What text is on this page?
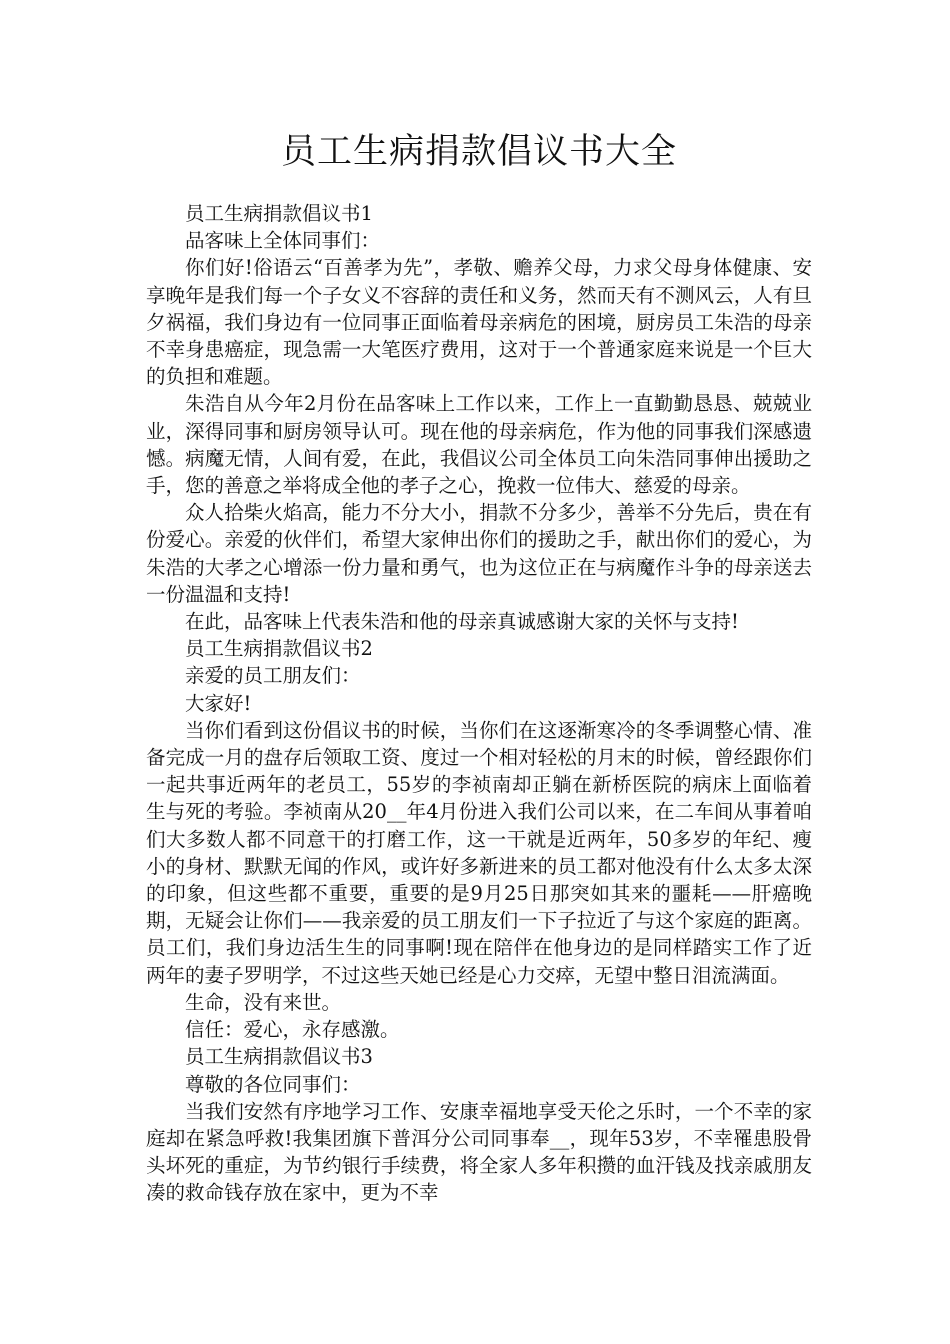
员工生病捐款倡议书大全

员工生病捐款倡议书1

品客味上全体同事们：

你们好!俗语云“百善孝为先”，孝敬、赡养父母，力求父母身体健康、安享晚年是我们每一个子女义不容辞的责任和义务，然而天有不测风云，人有旦夕祸福，我们身边有一位同事正面临着母亲病危的困境，厨房员工朱浩的母亲不幸身患癌症，现急需一大笔医疗费用，这对于一个普通家庭来说是一个巨大的负担和难题。

朱浩自从今年2月份在品客味上工作以来，工作上一直勤勤恳恳、兢兢业业，深得同事和厨房领导认可。现在他的母亲病危，作为他的同事我们深感遗憾。病魔无情，人间有爱，在此，我倡议公司全体员工向朱浩同事伸出援助之手，您的善意之举将成全他的孝子之心，挽救一位伟大、慈爱的母亲。

众人拾柴火焰高，能力不分大小，捐款不分多少，善举不分先后，贵在有份爱心。亲爱的伙伴们，希望大家伸出你们的援助之手，献出你们的爱心，为朱浩的大孝之心增添一份力量和勇气，也为这位正在与病魔作斗争的母亲送去一份温温和支持!

在此，品客味上代表朱浩和他的母亲真诚感谢大家的关怀与支持!

员工生病捐款倡议书2

亲爱的员工朋友们：

大家好!

当你们看到这份倡议书的时候，当你们在这逐渐寒冷的冬季调整心情、准备完成一月的盘存后领取工资、度过一个相对轻松的月末的时候，曾经跟你们一起共事近两年的老员工，55岁的李祯南却正躺在新桥医院的病床上面临着生与死的考验。李祯南从20__年4月份进入我们公司以来，在二车间从事着咱们大多数人都不同意干的打磨工作，这一干就是近两年，50多岁的年纪、瘦小的身材、默默无闻的作风，或许好多新进来的员工都对他没有什么太多太深的印象，但这些都不重要，重要的是9月25日那突如其来的噩耗——肝癌晚期，无疑会让你们——我亲爱的员工朋友们一下子拉近了与这个家庭的距离。员工们，我们身边活生生的同事啊!现在陪伴在他身边的是同样踏实工作了近两年的妻子罗明学，不过这些天她已经是心力交瘁，无望中整日泪流满面。

生命，没有来世。

信任：爱心，永存感激。

员工生病捐款倡议书3

尊敬的各位同事们：

当我们安然有序地学习工作、安康幸福地享受天伦之乐时，一个不幸的家庭却在紧急呼救!我集团旗下普洱分公司同事奉__，现年53岁，不幸罹患股骨头坏死的重症，为节约银行手续费，将全家人多年积攒的血汗钱及找亲戚朋友凑的救命钱存放在家中，更为不幸
